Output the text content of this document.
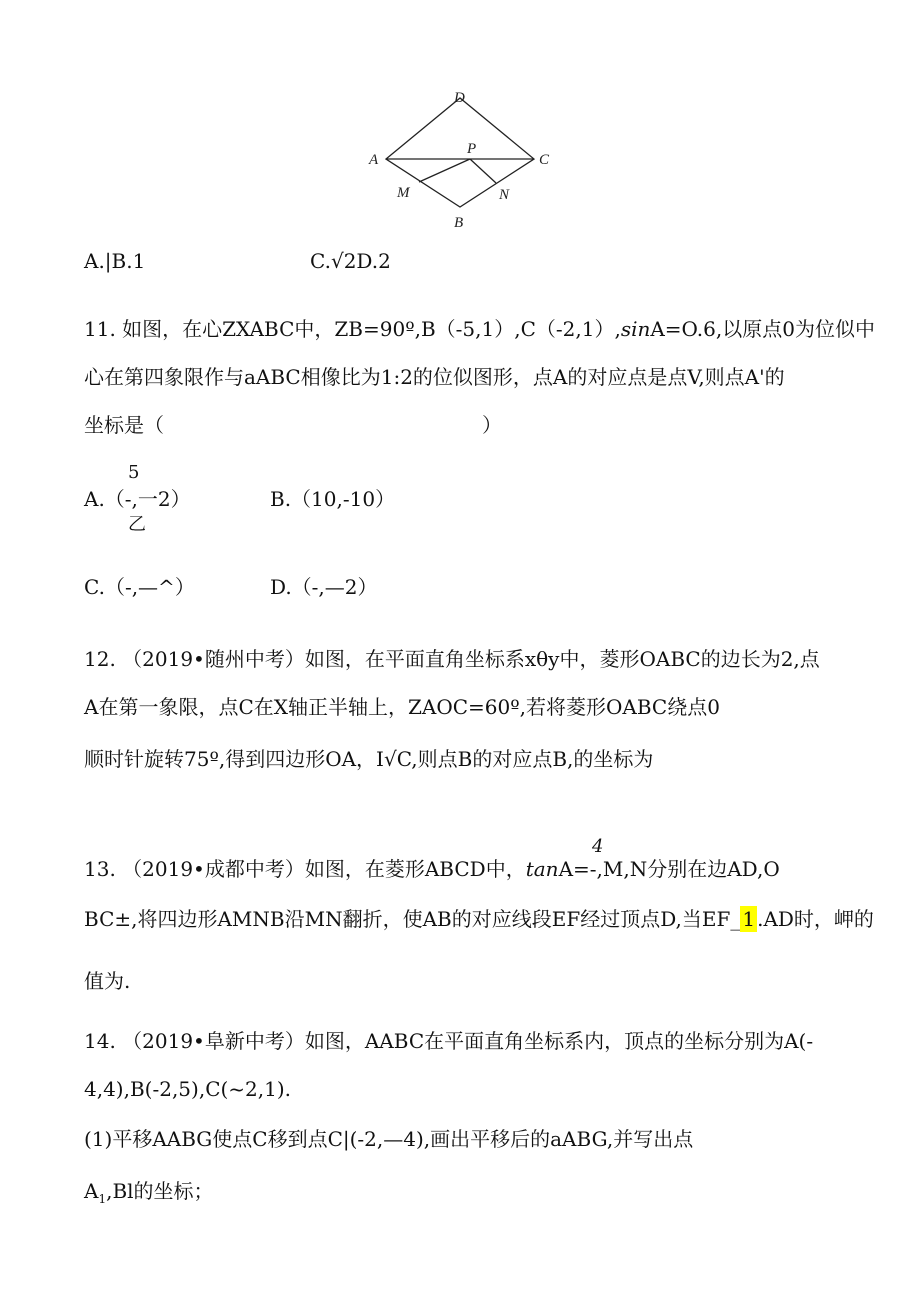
D
A
P
C
M	N
B
A.|B.1	C.√2D.2
11. 如图，在心ZXABC中，ZB=90º,B（-5,1）,C（-2,1）,sinA=O.6,以原点0为位似中
心在第四象限作与aABC相像比为1:2的位似图形，点A的对应点是点V,则点A'的
坐标是（	）
5
A.（-,一2）
乙
B.（10,-10）
C.（-,—^）	D.（-,—2）
12. （2019•随州中考）如图，在平面直角坐标系xθy中，菱形OABC的边长为2,点
A在第一象限，点C在X轴正半轴上，ZAOC=60º,若将菱形OABC绕点0
顺时针旋转75º,得到四边形OA，I√C,则点B的对应点B,的坐标为
4
13. （2019•成都中考）如图，在菱形ABCD中，tanA=-,M,N分别在边AD,O
BC±,将四边形AMNB沿MN翻折，使AB的对应线段EF经过顶点D,当EF_ 1 .AD时，岬的
值为.
14. （2019•阜新中考）如图，AABC在平面直角坐标系内，顶点的坐标分别为A(-
4,4),B(-2,5),C(~2,1).
(1)平移AABG使点C移到点C|(-2,—4),画出平移后的aABG,并写出点
$A_1,Bl$的坐标；
